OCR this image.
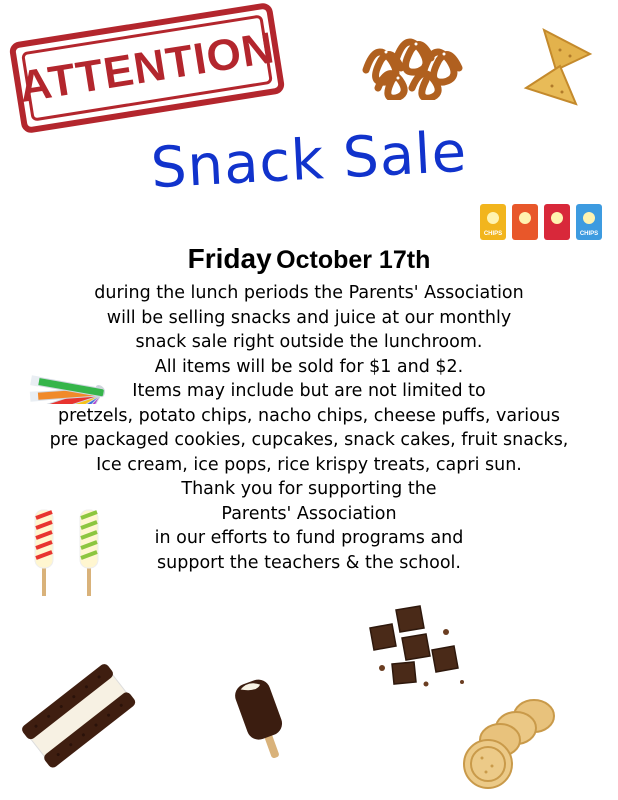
ATTENTION
Snack Sale
CHIPS	CHIPS
Friday October 17th
during the lunch periods the Parents' Association
will be selling snacks and juice at our monthly
snack sale right outside the lunchroom.
All items will be sold for $1 and $2.
Items may include but are not limited to
pretzels, potato chips, nacho chips, cheese puffs, various
pre packaged cookies, cupcakes, snack cakes, fruit snacks,
Ice cream, ice pops, rice krispy treats, capri sun.
Thank you for supporting the
Parents' Association
in our efforts to fund programs and
support the teachers & the school.
